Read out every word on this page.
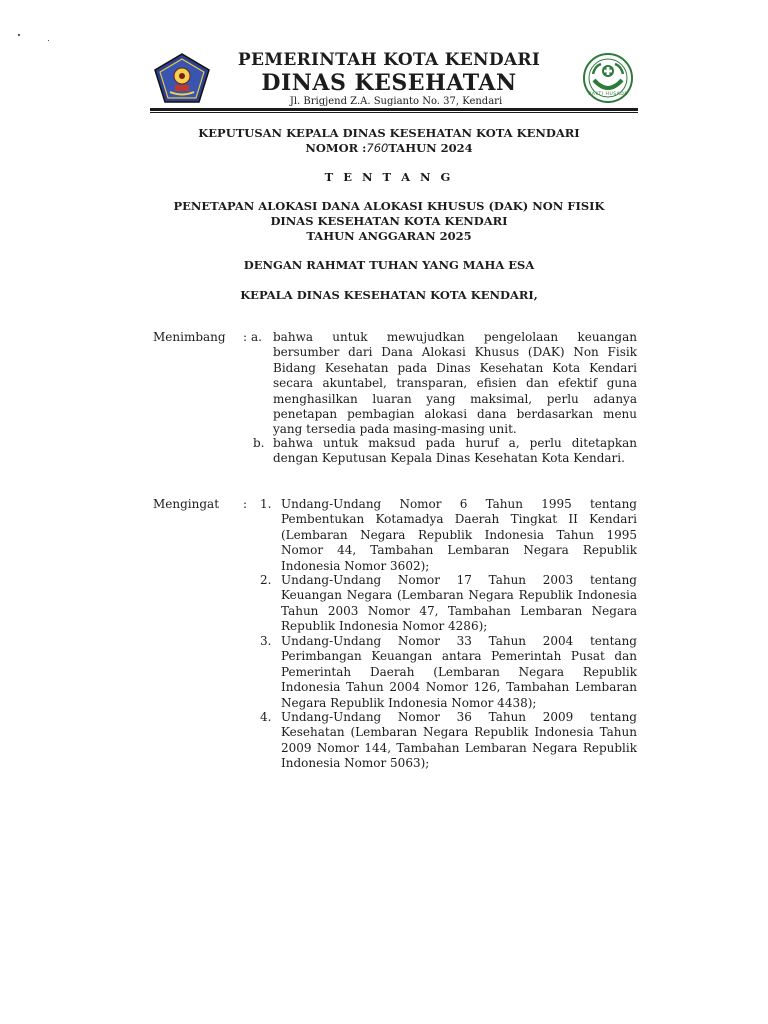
PEMERINTAH KOTA KENDARI
DINAS KESEHATAN
Jl. Brigjend Z.A. Sugianto No. 37, Kendari
BAKTI HUSADA
KEPUTUSAN KEPALA DINAS KESEHATAN KOTA KENDARI
NOMOR :760TAHUN 2024
T E N T A N G
PENETAPAN ALOKASI DANA ALOKASI KHUSUS (DAK) NON FISIK
DINAS KESEHATAN KOTA KENDARI
TAHUN ANGGARAN 2025
DENGAN RAHMAT TUHAN YANG MAHA ESA
KEPALA DINAS KESEHATAN KOTA KENDARI,
Menimbang : a. bahwa untuk mewujudkan pengelolaan keuangan bersumber dari Dana Alokasi Khusus (DAK) Non Fisik Bidang Kesehatan pada Dinas Kesehatan Kota Kendari secara akuntabel, transparan, efisien dan efektif guna menghasilkan luaran yang maksimal, perlu adanya penetapan pembagian alokasi dana berdasarkan menu yang tersedia pada masing-masing unit.
b. bahwa untuk maksud pada huruf a, perlu ditetapkan dengan Keputusan Kepala Dinas Kesehatan Kota Kendari.
Mengingat : 1. Undang-Undang Nomor 6 Tahun 1995 tentang Pembentukan Kotamadya Daerah Tingkat II Kendari (Lembaran Negara Republik Indonesia Tahun 1995 Nomor 44, Tambahan Lembaran Negara Republik Indonesia Nomor 3602);
2. Undang-Undang Nomor 17 Tahun 2003 tentang Keuangan Negara (Lembaran Negara Republik Indonesia Tahun 2003 Nomor 47, Tambahan Lembaran Negara Republik Indonesia Nomor 4286);
3. Undang-Undang Nomor 33 Tahun 2004 tentang Perimbangan Keuangan antara Pemerintah Pusat dan Pemerintah Daerah (Lembaran Negara Republik Indonesia Tahun 2004 Nomor 126, Tambahan Lembaran Negara Republik Indonesia Nomor 4438);
4. Undang-Undang Nomor 36 Tahun 2009 tentang Kesehatan (Lembaran Negara Republik Indonesia Tahun 2009 Nomor 144, Tambahan Lembaran Negara Republik Indonesia Nomor 5063);
